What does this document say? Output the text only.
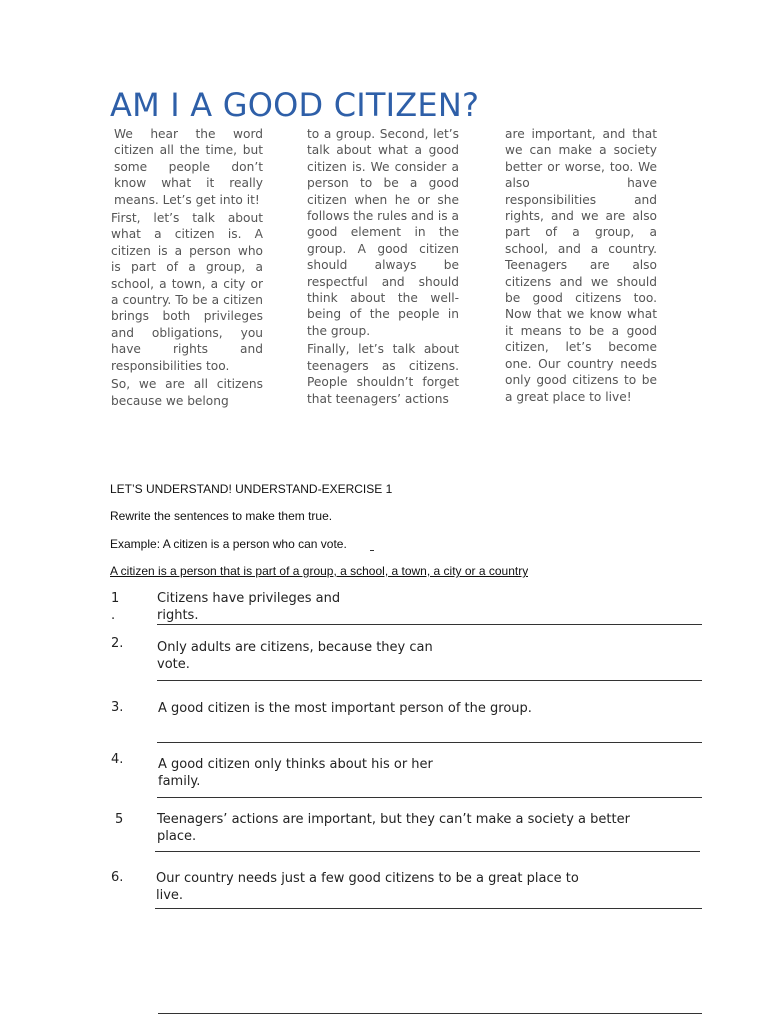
AM I A GOOD CITIZEN?

We hear the word citizen all the time, but some people don’t know what it really means. Let’s get into it!

First, let’s talk about what a citizen is. A citizen is a person who is part of a group, a school, a town, a city or a country. To be a citizen brings both privileges and obligations, you have rights and responsibilities too.

So, we are all citizens because we belong

to a group. Second, let’s talk about what a good citizen is. We consider a person to be a good citizen when he or she follows the rules and is a good element in the group. A good citizen should always be respectful and should think about the well-being of the people in the group.

Finally, let’s talk about teenagers as citizens. People shouldn’t forget that teenagers’ actions

are important, and that we can make a society better or worse, too. We also have responsibilities and rights, and we are also part of a group, a school, and a country. Teenagers are also citizens and we should be good citizens too. Now that we know what it means to be a good citizen, let’s become one. Our country needs only good citizens to be a great place to live!

LET’S UNDERSTAND! UNDERSTAND-EXERCISE 1

Rewrite the sentences to make them true.

Example: A citizen is a person who can vote.

A citizen is a person that is part of a group, a school, a town, a city or a country

1
.

Citizens have privileges and
rights.

2.	Only adults are citizens, because they can
vote.

3.	A good citizen is the most important person of the group.

4.	A good citizen only thinks about his or her
family.

5	Teenagers’ actions are important, but they can’t make a society a better
place.

6.	Our country needs just a few good citizens to be a great place to
live.
